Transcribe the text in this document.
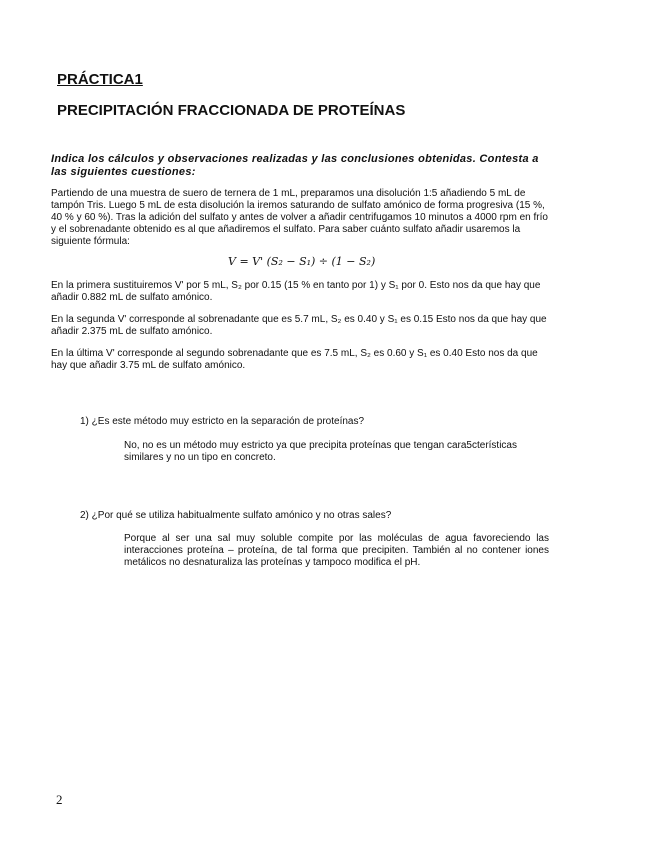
PRÁCTICA1
PRECIPITACIÓN FRACCIONADA DE PROTEÍNAS
Indica los cálculos y observaciones realizadas y las conclusiones obtenidas. Contesta a las siguientes cuestiones:

Partiendo de una muestra de suero de ternera de 1 mL, preparamos una disolución 1:5 añadiendo 5 mL de tampón Tris. Luego 5 mL de esta disolución la iremos saturando de sulfato amónico de forma progresiva (15 %, 40 % y 60 %). Tras la adición del sulfato y antes de volver a añadir centrifugamos 10 minutos a 4000 rpm en frío y el sobrenadante obtenido es al que añadiremos el sulfato. Para saber cuánto sulfato añadir usaremos la siguiente fórmula:

V = V' (S₂ − S₁) ÷ (1 − S₂)

En la primera sustituiremos V' por 5 mL, S₂ por 0.15 (15 % en tanto por 1) y S₁ por 0. Esto nos da que hay que añadir 0.882 mL de sulfato amónico.

En la segunda V' corresponde al sobrenadante que es 5.7 mL, S₂ es 0.40 y S₁ es 0.15 Esto nos da que hay que añadir 2.375 mL de sulfato amónico.

En la última V' corresponde al segundo sobrenadante que es 7.5 mL, S₂ es 0.60 y S₁ es 0.40 Esto nos da que hay que añadir 3.75 mL de sulfato amónico.

1) ¿Es este método muy estricto en la separación de proteínas?

No, no es un método muy estricto ya que precipita proteínas que tengan cara5cterísticas similares y no un tipo en concreto.

2) ¿Por qué se utiliza habitualmente sulfato amónico y no otras sales?

Porque al ser una sal muy soluble compite por las moléculas de agua favoreciendo las interacciones proteína – proteína, de tal forma que precipiten. También al no contener iones metálicos no desnaturaliza las proteínas y tampoco modifica el pH.

2
